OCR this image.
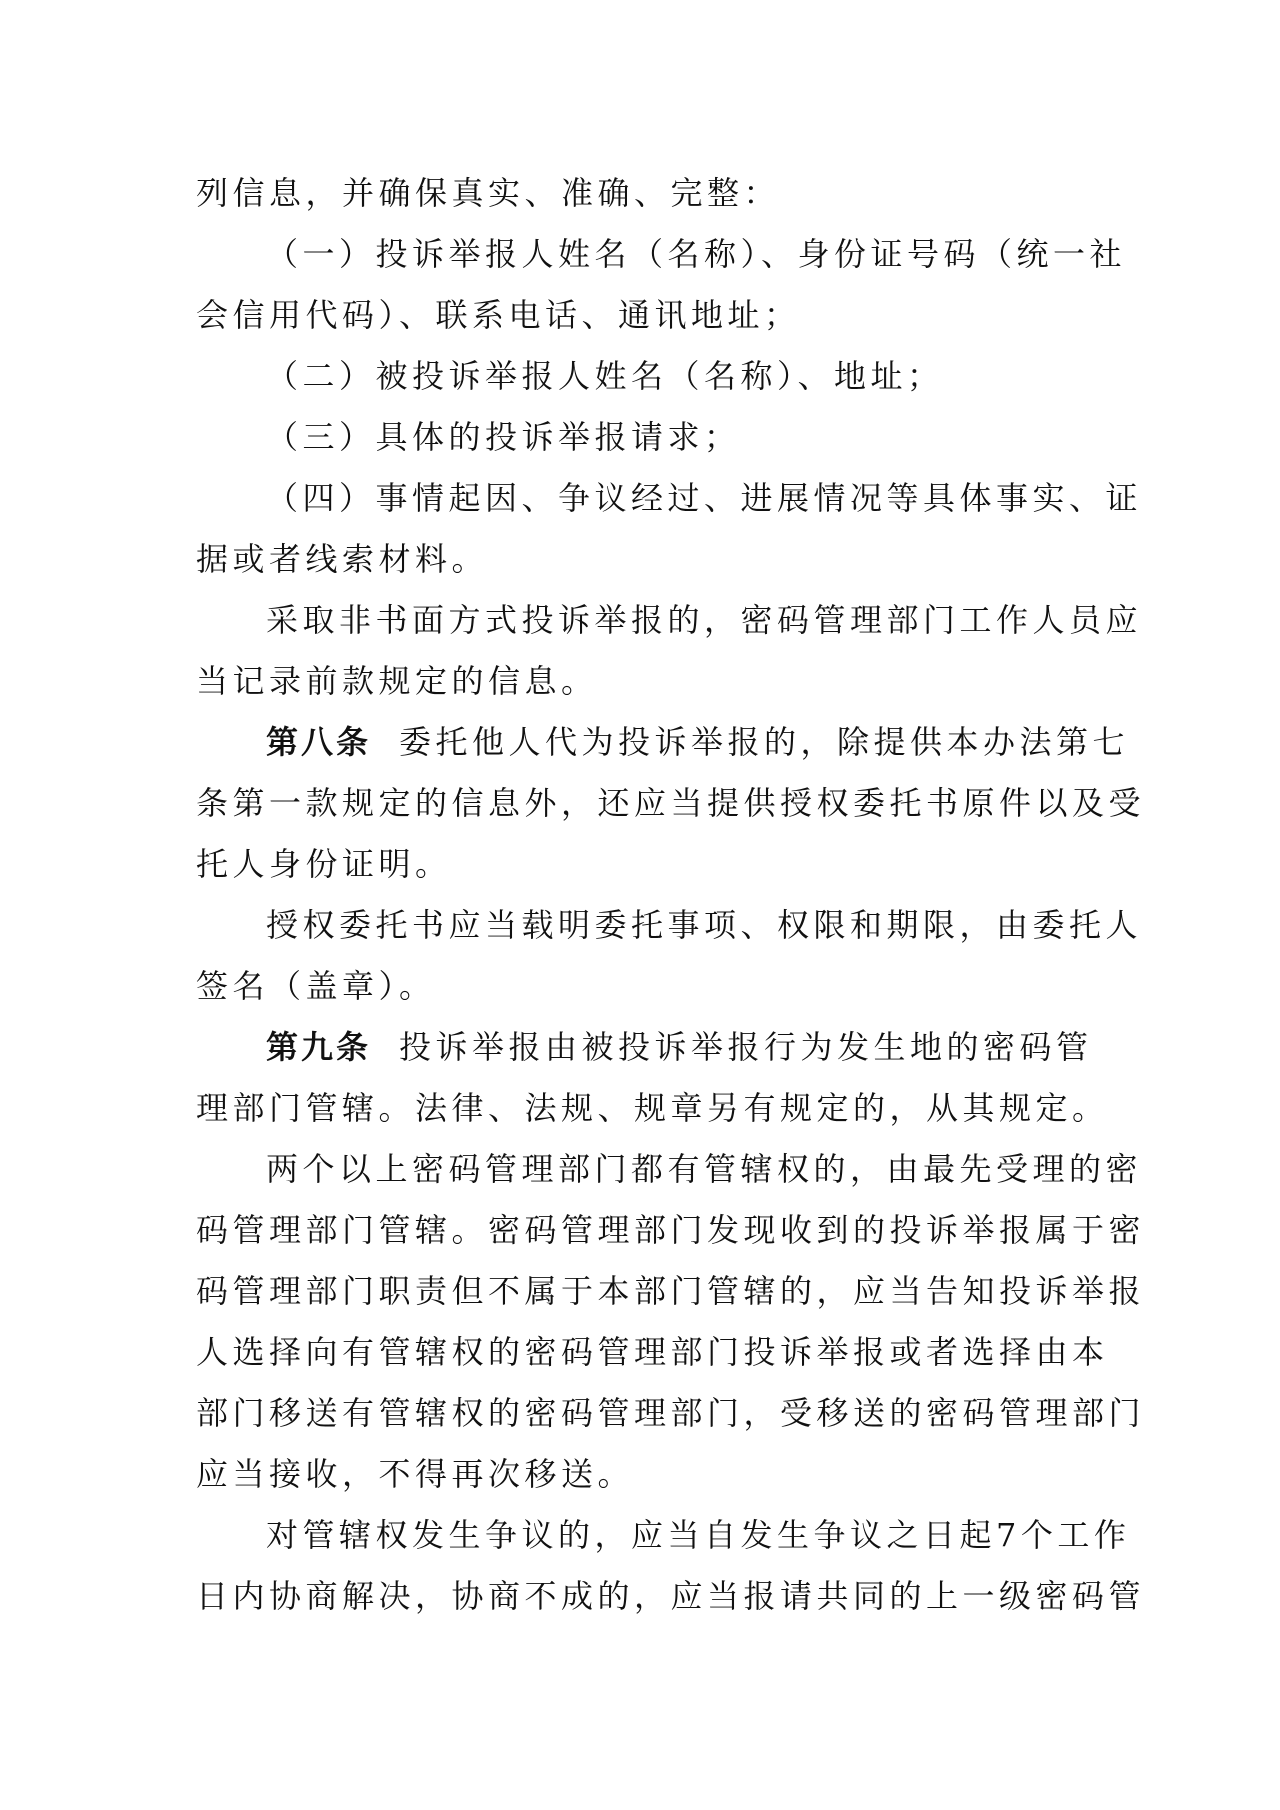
列信息，并确保真实、准确、完整：
（一）投诉举报人姓名（名称）、身份证号码（统一社
会信用代码）、联系电话、通讯地址；
（二）被投诉举报人姓名（名称）、地址；
（三）具体的投诉举报请求；
（四）事情起因、争议经过、进展情况等具体事实、证
据或者线索材料。
采取非书面方式投诉举报的，密码管理部门工作人员应
当记录前款规定的信息。
第八条 委托他人代为投诉举报的，除提供本办法第七
条第一款规定的信息外，还应当提供授权委托书原件以及受
托人身份证明。
授权委托书应当载明委托事项、权限和期限，由委托人
签名（盖章）。
第九条 投诉举报由被投诉举报行为发生地的密码管
理部门管辖。法律、法规、规章另有规定的，从其规定。
两个以上密码管理部门都有管辖权的，由最先受理的密
码管理部门管辖。密码管理部门发现收到的投诉举报属于密
码管理部门职责但不属于本部门管辖的，应当告知投诉举报
人选择向有管辖权的密码管理部门投诉举报或者选择由本
部门移送有管辖权的密码管理部门，受移送的密码管理部门
应当接收，不得再次移送。
对管辖权发生争议的，应当自发生争议之日起7个工作
日内协商解决，协商不成的，应当报请共同的上一级密码管
